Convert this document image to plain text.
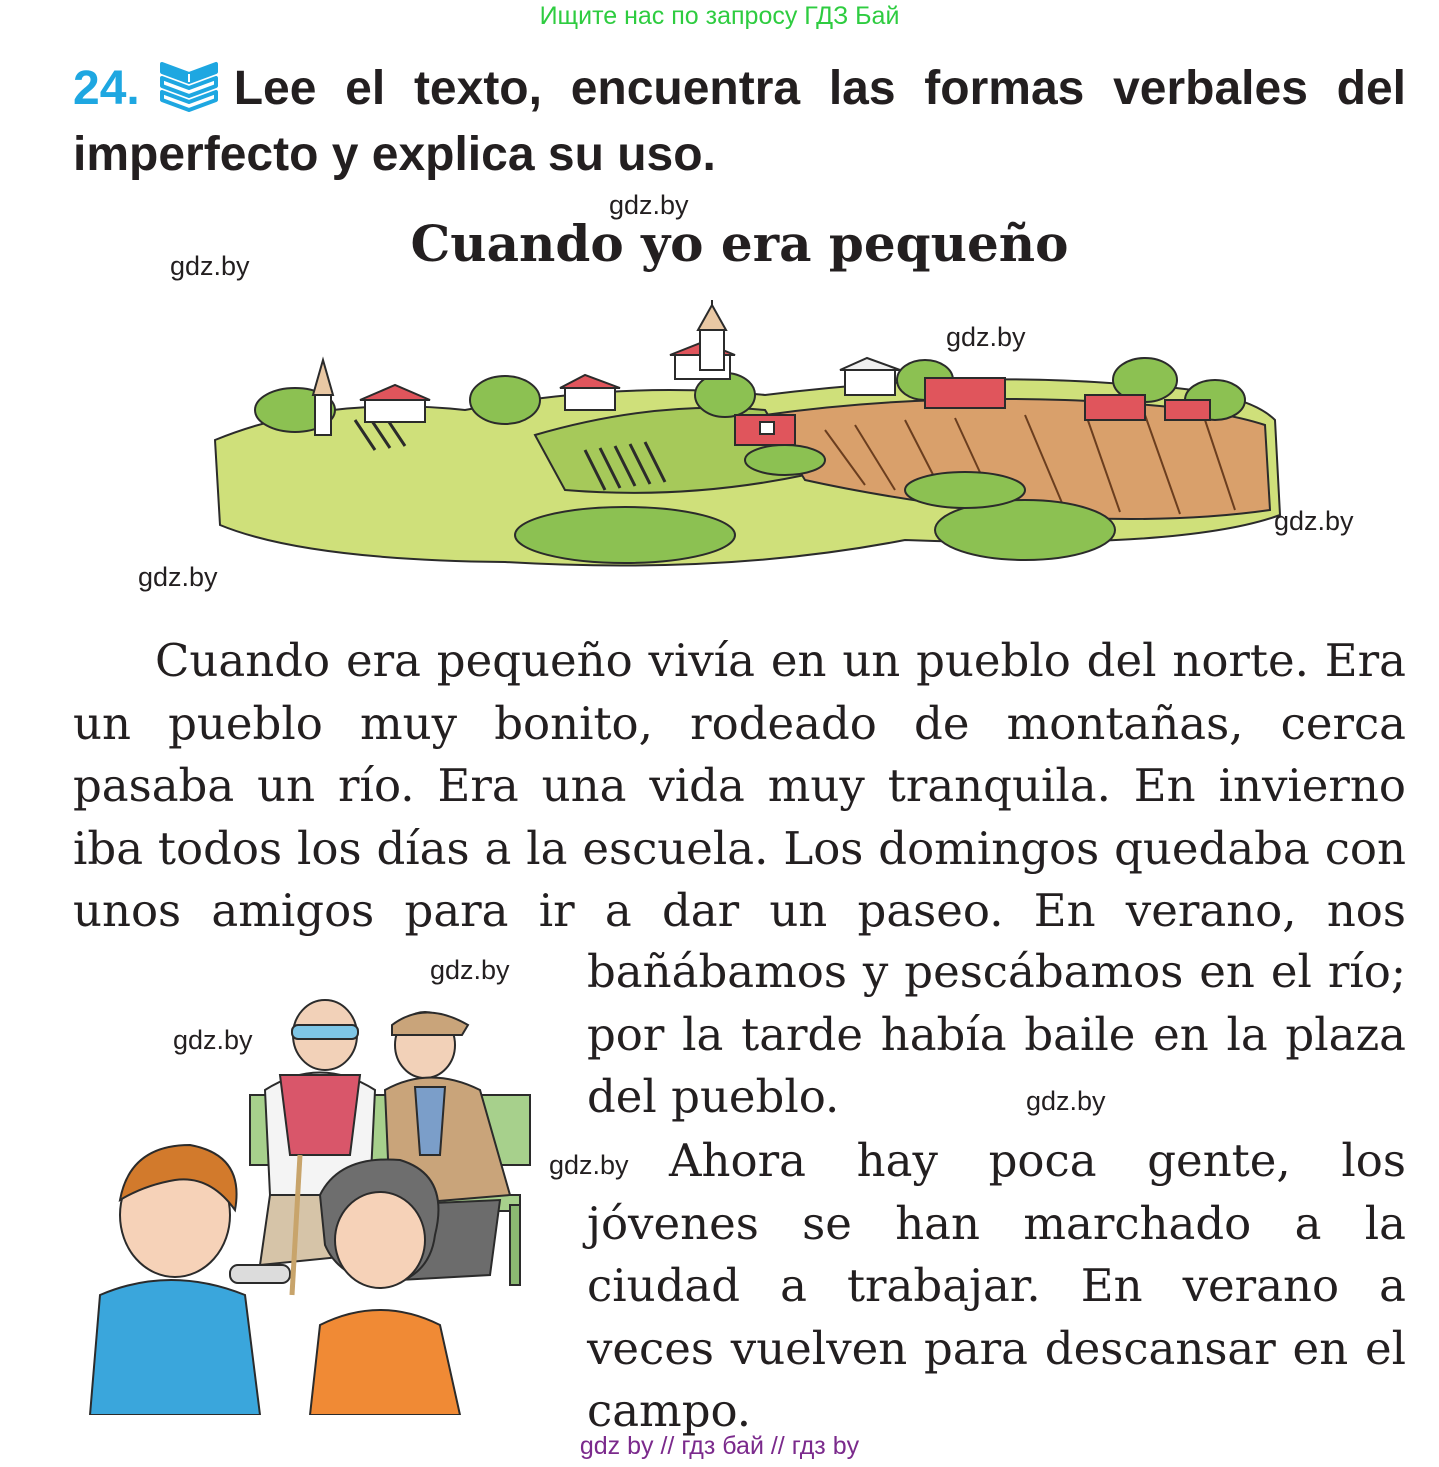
Ищите нас по запросу ГДЗ Бай
24. Lee el texto, encuentra las formas verbales del imperfecto y explica su uso.
gdz.by
Cuando yo era pequeño
gdz.by
gdz.by
gdz.by
gdz.by

Cuando era pequeño vivía en un pueblo del norte. Era un pueblo muy bonito, rodeado de montañas, cerca pasaba un río. Era una vida muy tranquila. En invierno iba todos los días a la escuela. Los domingos quedaba con unos amigos para ir a dar un paseo. En verano, nos

gdz.by bañábamos y pescábamos en el río; por la tarde había baile en la plaza del pueblo.

gdz.by
gdz.by
gdz.by Ahora hay poca gente, los jóvenes se han marchado a la ciudad a trabajar. En verano a veces vuelven para descansar en el campo.

gdz by // гдз бай // гдз by
